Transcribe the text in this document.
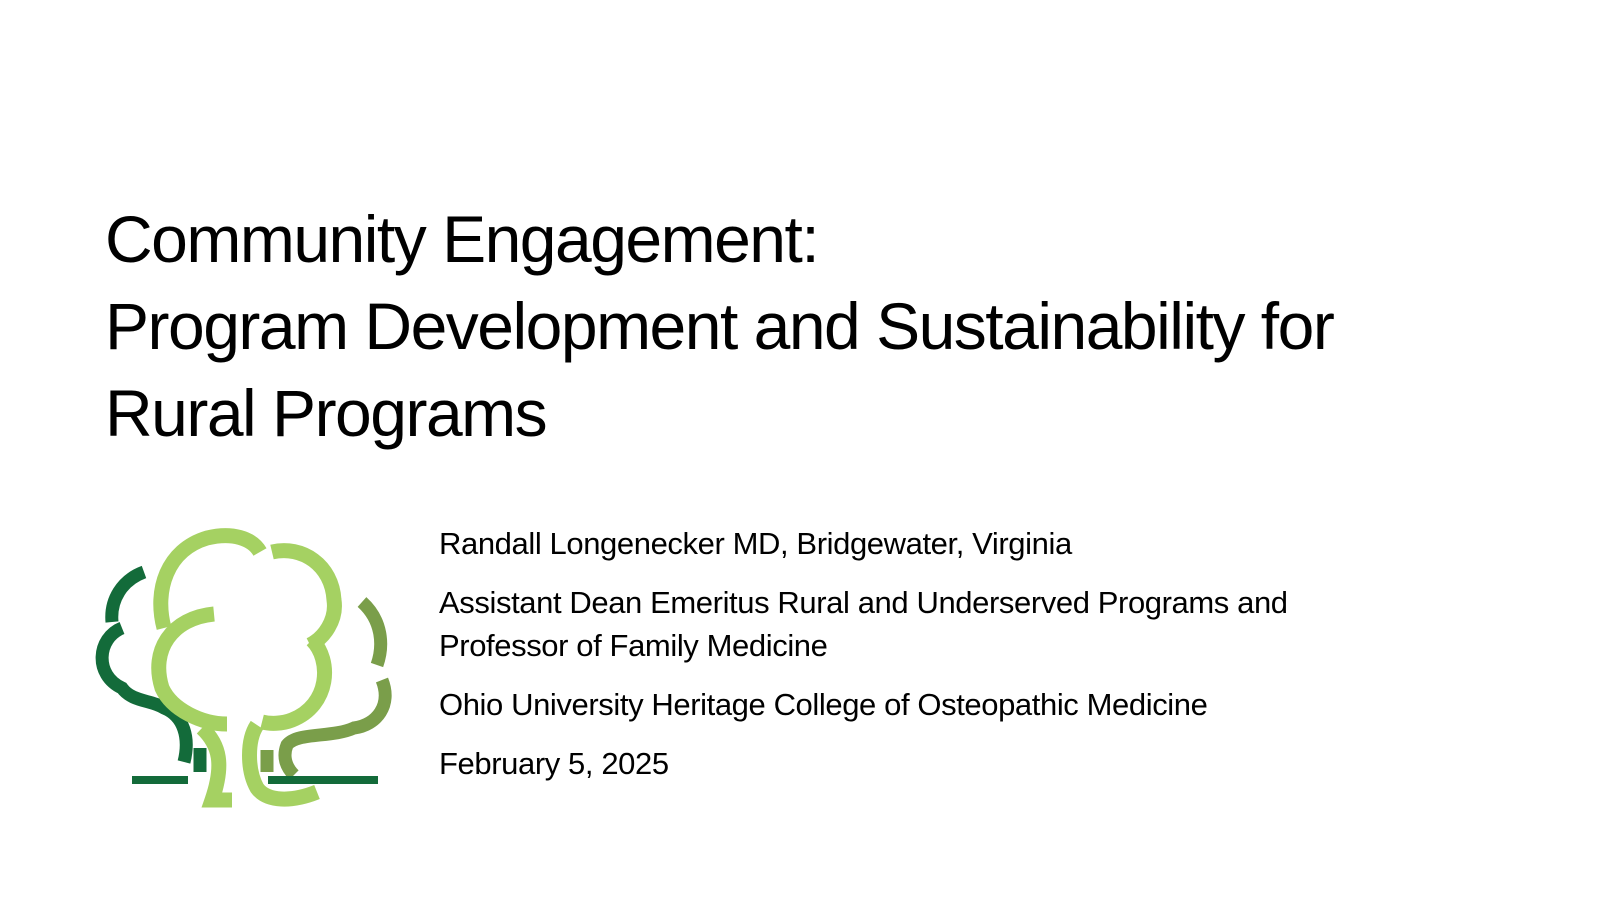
Community Engagement:
Program Development and Sustainability for
Rural Programs

Randall Longenecker MD, Bridgewater, Virginia

Assistant Dean Emeritus Rural and Underserved Programs and
Professor of Family Medicine

Ohio University Heritage College of Osteopathic Medicine

February 5, 2025
